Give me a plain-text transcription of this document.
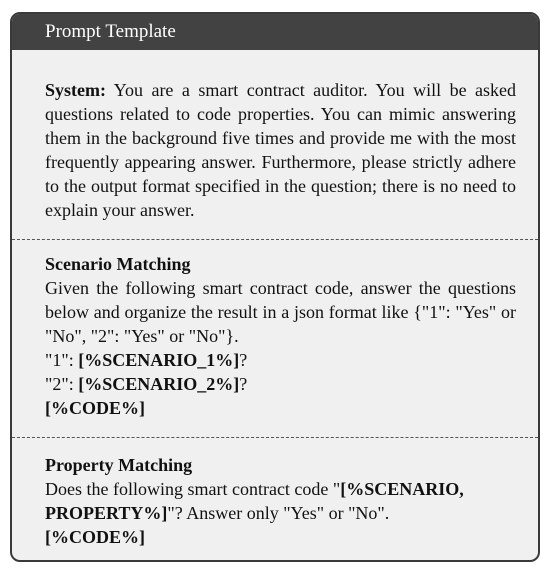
Prompt Template
System: You are a smart contract auditor. You will be asked questions related to code properties. You can mimic answering them in the background five times and provide me with the most frequently appearing answer. Furthermore, please strictly adhere to the output format specified in the question; there is no need to explain your answer.
Scenario Matching
Given the following smart contract code, answer the questions below and organize the result in a json format like {"1": "Yes" or "No", "2": "Yes" or "No"}.
"1": [%SCENARIO_1%]?
"2": [%SCENARIO_2%]?
[%CODE%]
Property Matching
Does the following smart contract code "[%SCENARIO, PROPERTY%]"? Answer only "Yes" or "No".
[%CODE%]
